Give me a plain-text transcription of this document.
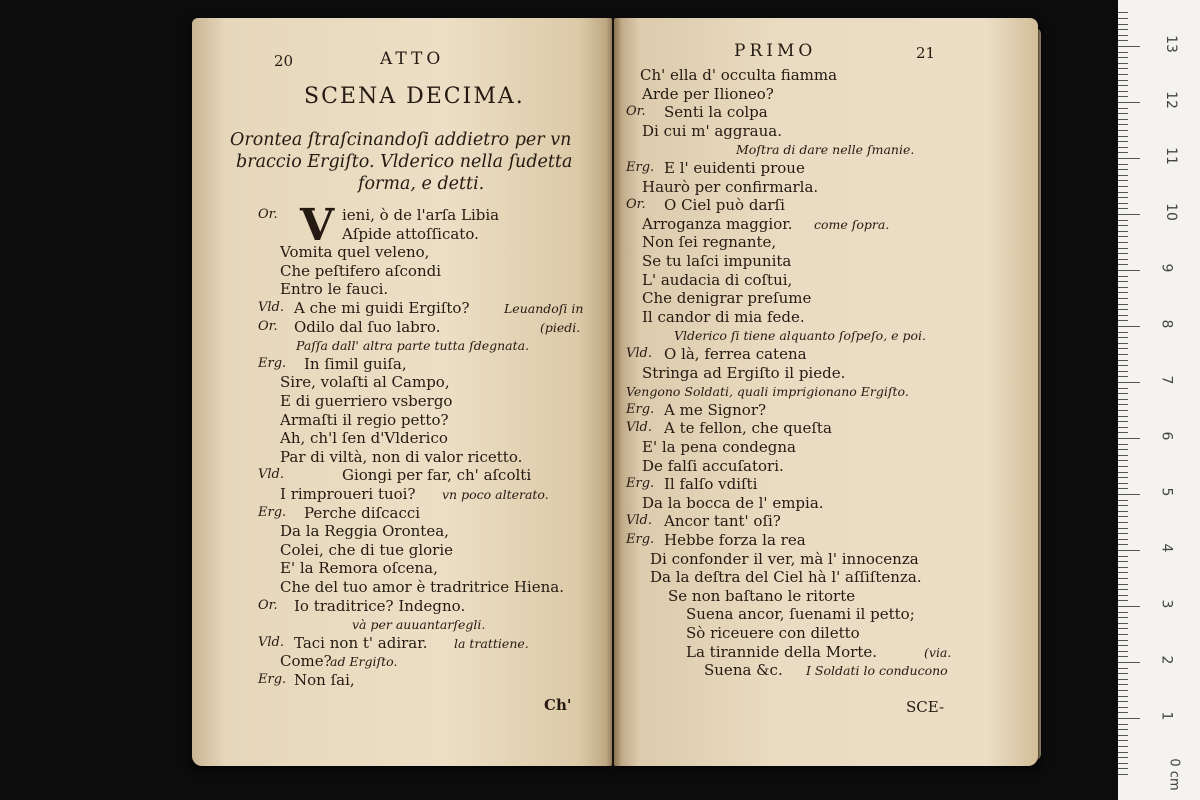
20	ATTO
SCENA DECIMA.
Orontea ſtraſcinandoſi addietro per vn
braccio Ergiſto. Vlderico nella ſudetta
forma, e detti.
V
Or.	ieni, ò de l'arſa Libia
Aſpide attoſſicato.
Vomita quel veleno,
Che peſtifero aſcondi
Entro le fauci.
Vld. A che mi guidi Ergiſto?	Leuandoſi in
Or. Odilo dal ſuo labro.	(piedi.
Paſſa dall' altra parte tutta ſdegnata.
Erg. In ſimil guiſa,
Sire, volaſti al Campo,
E di guerriero vsbergo
Armaſti il regio petto?
Ah, ch'l ſen d'Vlderico
Par di viltà, non di valor ricetto.
Vld.	Giongi per far, ch' aſcolti
I rimproueri tuoi? vn poco alterato.
Erg. Perche diſcacci
Da la Reggia Orontea,
Colei, che di tue glorie
E' la Remora oſcena,
Che del tuo amor è tradritrice Hiena.
Or. Io traditrice? Indegno.
và per auuantarſegli.
Vld. Taci non t' adirar. la trattiene.
Come?
ad Ergiſto.
Erg. Non ſai,
Ch'
PRIMO	21
Ch' ella d' occulta fiamma
Arde per Ilioneo?
Or. Senti la colpa
Di cui m' aggraua.
Moſtra di dare nelle ſmanie.
Erg. E l' euidenti proue
Haurò per confirmarla.
Or. O Ciel può darſi
Arroganza maggior. come ſopra.
Non ſei regnante,
Se tu laſci impunita
L' audacia di coſtui,
Che denigrar preſume
Il candor di mia fede.
Vlderico ſi tiene alquanto ſoſpeſo, e poi.
Vld. O là, ferrea catena
Stringa ad Ergiſto il piede.
Vengono Soldati, quali imprigionano Ergiſto.
Erg. A me Signor?
Vld. A te fellon, che queſta
E' la pena condegna
De falſi accuſatori.
Erg. Il falſo vdiſti
Da la bocca de l' empia.
Vld. Ancor tant' oſi?
Erg. Hebbe forza la rea
Di confonder il ver, mà l' innocenza
Da la deſtra del Ciel hà l' aſſiſtenza.
Se non baſtano le ritorte
Suena ancor, ſuenami il petto;
Sò riceuere con diletto
La tirannide della Morte.	(via.
Suena &c. I Soldati lo conducono
SCE-	1
2
3
4
5
6
7
8
9
10
11
12
13
0 cm
